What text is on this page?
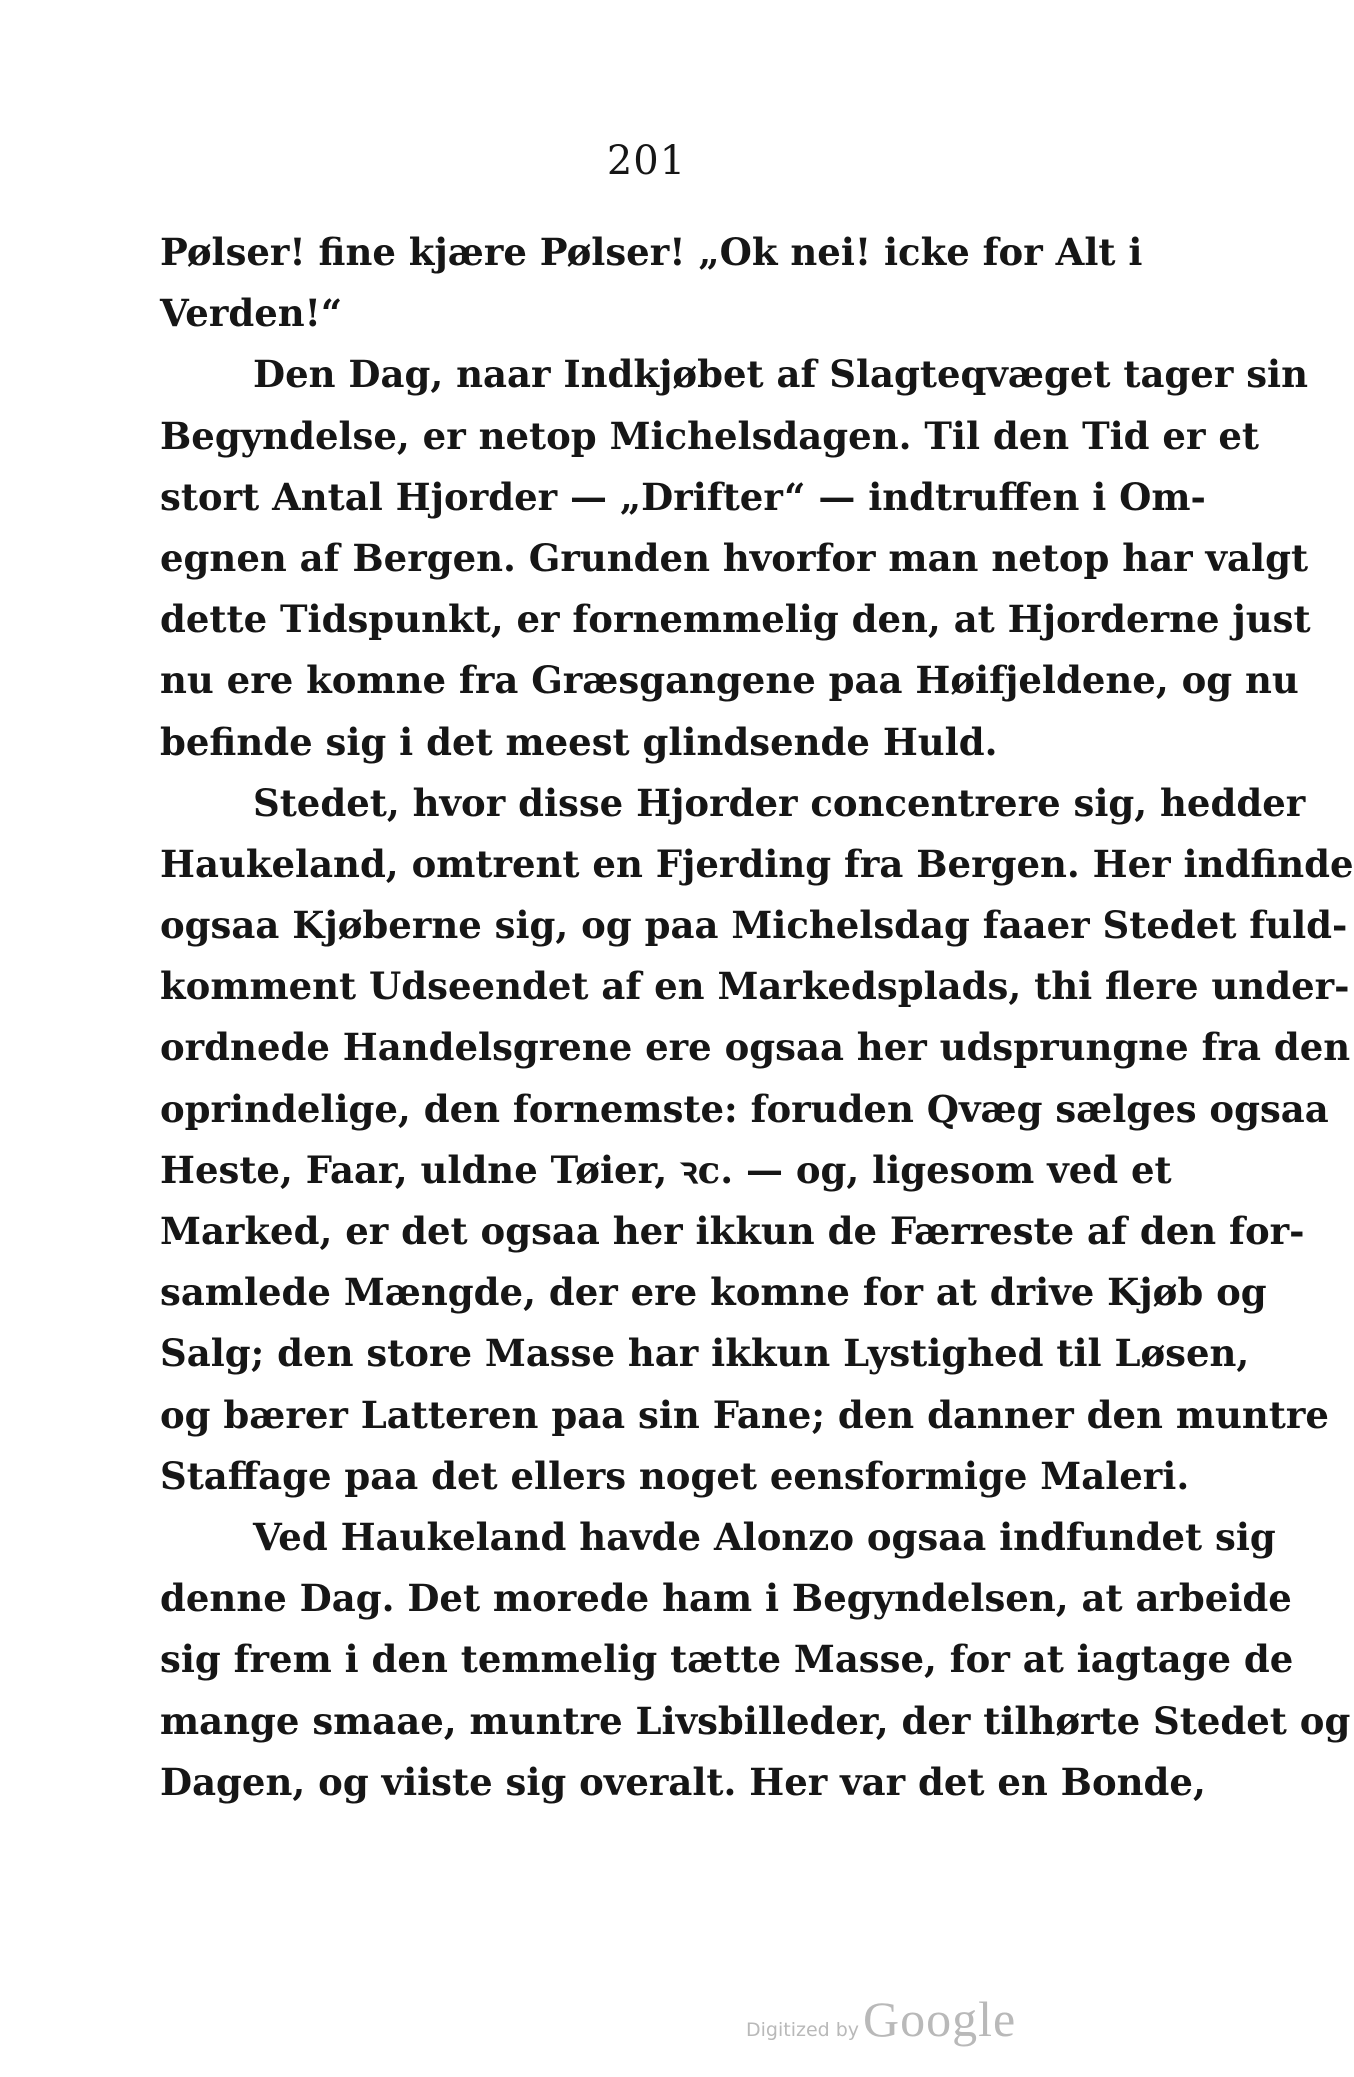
201
Pølser! fine kjære Pølser! „Ok nei! icke for Alt i
Verden!“
Den Dag, naar Indkjøbet af Slagteqvæget tager sin
Begyndelse, er netop Michelsdagen. Til den Tid er et
stort Antal Hjorder — „Drifter“ — indtruffen i Om-
egnen af Bergen. Grunden hvorfor man netop har valgt
dette Tidspunkt, er fornemmelig den, at Hjorderne just
nu ere komne fra Græsgangene paa Høifjeldene, og nu
befinde sig i det meest glindsende Huld.
Stedet, hvor disse Hjorder concentrere sig, hedder
Haukeland, omtrent en Fjerding fra Bergen. Her indfinde
ogsaa Kjøberne sig, og paa Michelsdag faaer Stedet fuld-
komment Udseendet af en Markedsplads, thi flere under-
ordnede Handelsgrene ere ogsaa her udsprungne fra den
oprindelige, den fornemste: foruden Qvæg sælges ogsaa
Heste, Faar, uldne Tøier, ꝛc. — og, ligesom ved et
Marked, er det ogsaa her ikkun de Færreste af den for-
samlede Mængde, der ere komne for at drive Kjøb og
Salg; den store Masse har ikkun Lystighed til Løsen,
og bærer Latteren paa sin Fane; den danner den muntre
Staffage paa det ellers noget eensformige Maleri.
Ved Haukeland havde Alonzo ogsaa indfundet sig
denne Dag. Det morede ham i Begyndelsen, at arbeide
sig frem i den temmelig tætte Masse, for at iagtage de
mange smaae, muntre Livsbilleder, der tilhørte Stedet og
Dagen, og viiste sig overalt. Her var det en Bonde,
Digitized by Google
